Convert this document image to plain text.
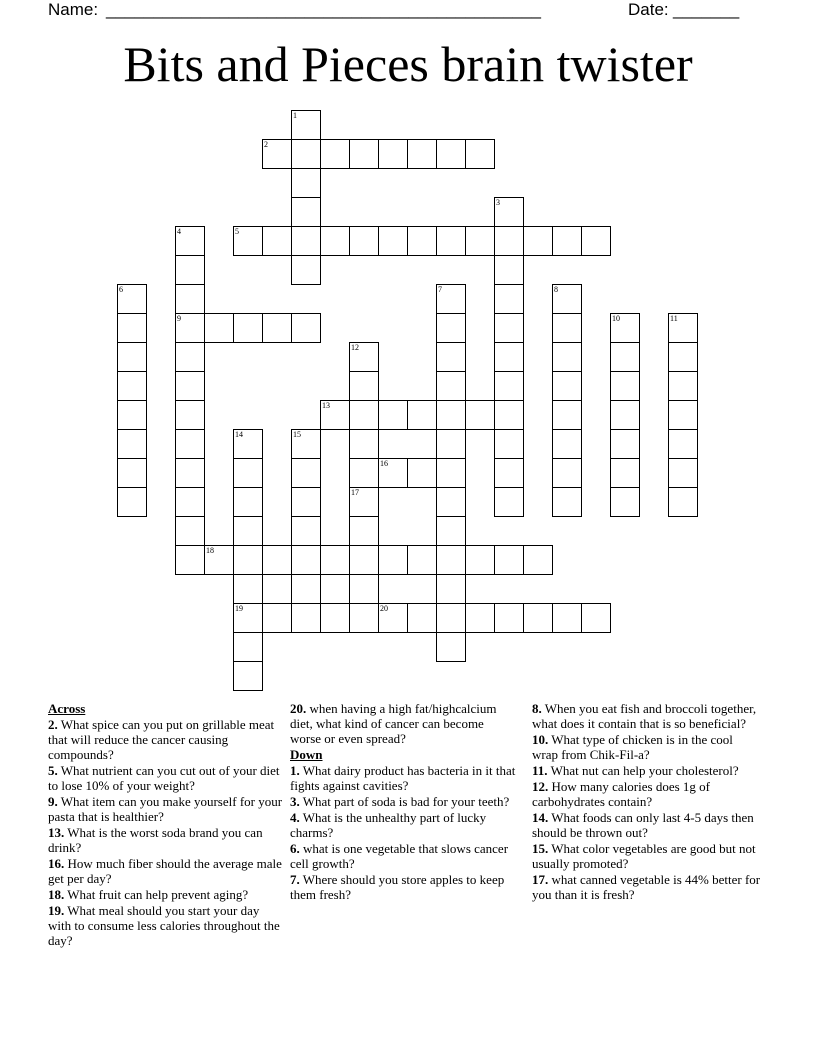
Name: ______________________________________________	Date: _______
Bits and Pieces brain twister
1
2
3
4
9
5
6	7	8
10	11
12
17
13
14
19
15
16
18
20
Across
2. What spice can you put on grillable meat that will reduce the cancer causing compounds?
5. What nutrient can you cut out of your diet to lose 10% of your weight?
9. What item can you make yourself for your pasta that is healthier?
13. What is the worst soda brand you can drink?
16. How much fiber should the average male get per day?
18. What fruit can help prevent aging?
19. What meal should you start your day with to consume less calories throughout the day?
20. when having a high fat/highcalcium diet, what kind of cancer can become worse or even spread?
Down
1. What dairy product has bacteria in it that fights against cavities?
3. What part of soda is bad for your teeth?
4. What is the unhealthy part of lucky charms?
6. what is one vegetable that slows cancer cell growth?
7. Where should you store apples to keep them fresh?
8. When you eat fish and broccoli together, what does it contain that is so beneficial?
10. What type of chicken is in the cool wrap from Chik-Fil-a?
11. What nut can help your cholesterol?
12. How many calories does 1g of carbohydrates contain?
14. What foods can only last 4-5 days then should be thrown out?
15. What color vegetables are good but not usually promoted?
17. what canned vegetable is 44% better for you than it is fresh?
